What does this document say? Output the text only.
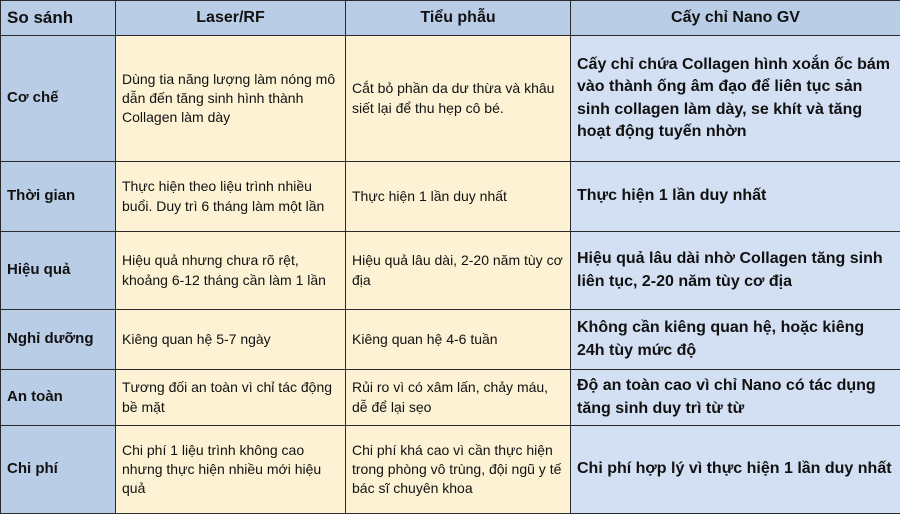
So sánh	Laser/RF	Tiểu phẫu	Cấy chỉ Nano GV
Cơ chế	Dùng tia năng lượng làm nóng mô dẫn đến tăng sinh hình thành Collagen làm dày	Cắt bỏ phần da dư thừa và khâu siết lại để thu hẹp cô bé.	Cấy chỉ chứa Collagen hình xoắn ốc bám vào thành ống âm đạo để liên tục sản sinh collagen làm dày, se khít và tăng hoạt động tuyến nhờn
Thời gian	Thực hiện theo liệu trình nhiều buổi. Duy trì 6 tháng làm một lần	Thực hiện 1 lần duy nhất	Thực hiện 1 lần duy nhất
Hiệu quả	Hiệu quả nhưng chưa rõ rệt, khoảng 6-12 tháng cần làm 1 lần	Hiệu quả lâu dài, 2-20 năm tùy cơ địa	Hiệu quả lâu dài nhờ Collagen tăng sinh liên tục, 2-20 năm tùy cơ địa
Nghỉ dưỡng	Kiêng quan hệ 5-7 ngày	Kiêng quan hệ 4-6 tuần	Không cần kiêng quan hệ, hoặc kiêng 24h tùy mức độ
An toàn	Tương đối an toàn vì chỉ tác động bề mặt	Rủi ro vì có xâm lấn, chảy máu, dễ để lại sẹo	Độ an toàn cao vì chỉ Nano có tác dụng tăng sinh duy trì từ từ
Chi phí	Chi phí 1 liệu trình không cao nhưng thực hiện nhiều mới hiệu quả	Chi phí khá cao vì cần thực hiện trong phòng vô trùng, đội ngũ y tế bác sĩ chuyên khoa	Chi phí hợp lý vì thực hiện 1 lần duy nhất
